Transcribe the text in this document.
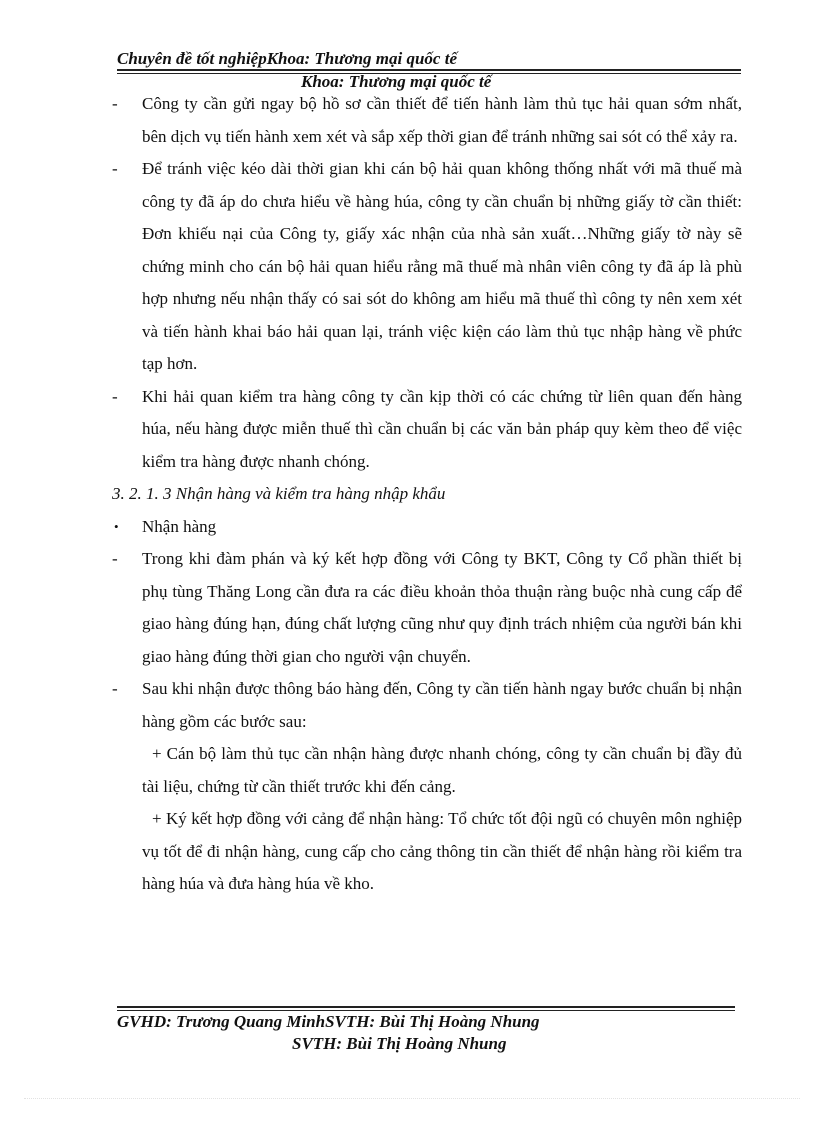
Chuyên đề tốt nghiệpKhoa: Thương mại quốc tế
Khoa: Thương mại quốc tế
-	Công ty cần gửi ngay bộ hồ sơ cần thiết để tiến hành làm thủ tục hải quan sớm nhất, bên dịch vụ tiến hành xem xét và sắp xếp thời gian để tránh những sai sót có thể xảy ra.
-	Để tránh việc kéo dài thời gian khi cán bộ hải quan không thống nhất với mã thuế mà công ty đã áp do chưa hiểu về hàng húa, công ty cần chuẩn bị những giấy tờ cần thiết: Đơn khiếu nại của Công ty, giấy xác nhận của nhà sản xuất…Những giấy tờ này sẽ chứng minh cho cán bộ hải quan hiểu rằng mã thuế mà nhân viên công ty đã áp là phù hợp nhưng nếu nhận thấy có sai sót do không am hiểu mã thuế thì công ty nên xem xét và tiến hành khai báo hải quan lại, tránh việc kiện cáo làm thủ tục nhập hàng về phức tạp hơn.
-	Khi hải quan kiểm tra hàng công ty cần kịp thời có các chứng từ liên quan đến hàng húa, nếu hàng được miễn thuế thì cần chuẩn bị các văn bản pháp quy kèm theo để việc kiểm tra hàng được nhanh chóng.
3. 2. 1. 3 Nhận hàng và kiểm tra hàng nhập khẩu
•	Nhận hàng
-	Trong khi đàm phán và ký kết hợp đồng với Công ty BKT, Công ty Cổ phần thiết bị phụ tùng Thăng Long cần đưa ra các điều khoản thỏa thuận ràng buộc nhà cung cấp để giao hàng đúng hạn, đúng chất lượng cũng như quy định trách nhiệm của người bán khi giao hàng đúng thời gian cho người vận chuyển.
-	Sau khi nhận được thông báo hàng đến, Công ty cần tiến hành ngay bước chuẩn bị nhận hàng gồm các bước sau:
+ Cán bộ làm thủ tục cần nhận hàng được nhanh chóng, công ty cần chuẩn bị đầy đủ tài liệu, chứng từ cần thiết trước khi đến cảng.
+ Ký kết hợp đồng với cảng để nhận hàng: Tổ chức tốt đội ngũ có chuyên môn nghiệp vụ tốt để đi nhận hàng, cung cấp cho cảng thông tin cần thiết để nhận hàng rồi kiểm tra hàng húa và đưa hàng húa về kho.
GVHD: Trương Quang MinhSVTH: Bùi Thị Hoàng Nhung
SVTH: Bùi Thị Hoàng Nhung
